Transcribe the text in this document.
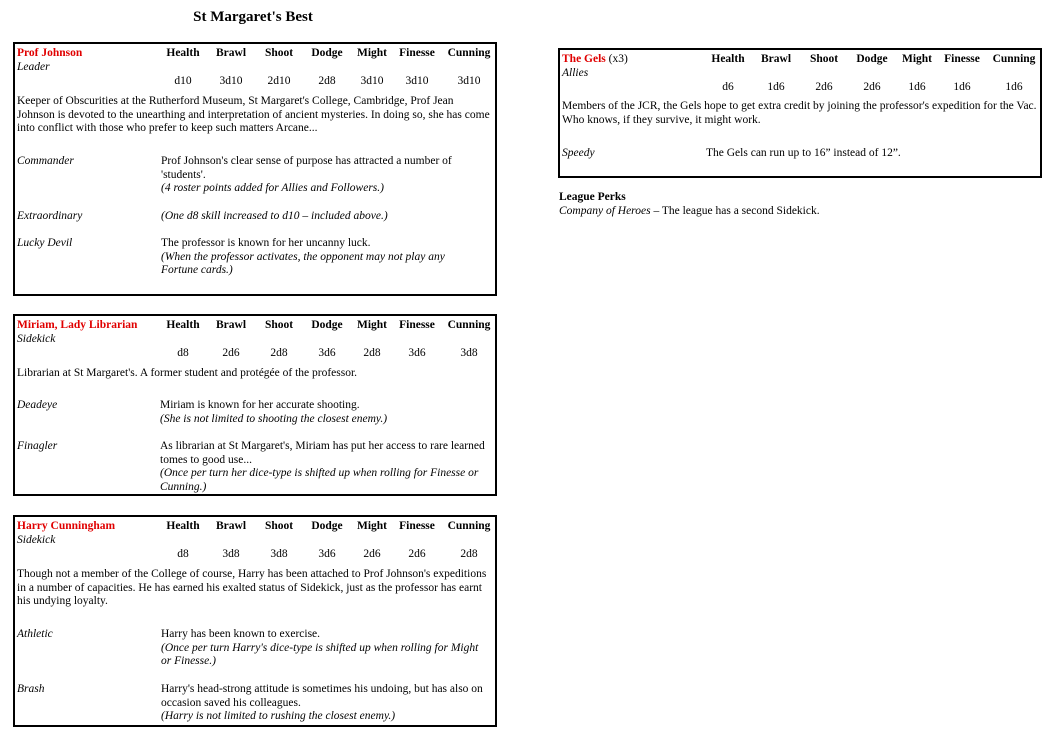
St Margaret's Best
Prof Johnson
Leader
Health	Brawl	Shoot	Dodge	Might	Finesse	Cunning
d10	3d10	2d10	2d8	3d10	3d10	3d10
Keeper of Obscurities at the Rutherford Museum, St Margaret's College, Cambridge, Prof Jean Johnson is devoted to the unearthing and interpretation of ancient mysteries. In doing so, she has come into conflict with those who prefer to keep such matters Arcane...
Commander	Prof Johnson's clear sense of purpose has attracted a number of 'students'.
(4 roster points added for Allies and Followers.)
Extraordinary	(One d8 skill increased to d10 – included above.)
Lucky Devil	The professor is known for her uncanny luck.
(When the professor activates, the opponent may not play any Fortune cards.)
Miriam, Lady Librarian
Sidekick
Health	Brawl	Shoot	Dodge	Might	Finesse	Cunning
d8	2d6	2d8	3d6	2d8	3d6	3d8
Librarian at St Margaret's. A former student and protégée of the professor.
Deadeye	Miriam is known for her accurate shooting.
(She is not limited to shooting the closest enemy.)
Finagler	As librarian at St Margaret's, Miriam has put her access to rare learned tomes to good use...
(Once per turn her dice-type is shifted up when rolling for Finesse or Cunning.)
Harry Cunningham
Sidekick
Health	Brawl	Shoot	Dodge	Might	Finesse	Cunning
d8	3d8	3d8	3d6	2d6	2d6	2d8
Though not a member of the College of course, Harry has been attached to Prof Johnson's expeditions in a number of capacities. He has earned his exalted status of Sidekick, just as the professor has earnt his undying loyalty.
Athletic	Harry has been known to exercise.
(Once per turn Harry's dice-type is shifted up when rolling for Might or Finesse.)
Brash	Harry's head-strong attitude is sometimes his undoing, but has also on occasion saved his colleagues.
(Harry is not limited to rushing the closest enemy.)
The Gels (x3)
Allies
Health	Brawl	Shoot	Dodge	Might	Finesse	Cunning
d6	1d6	2d6	2d6	1d6	1d6	1d6
Members of the JCR, the Gels hope to get extra credit by joining the professor's expedition for the Vac. Who knows, if they survive, it might work.
Speedy	The Gels can run up to 16” instead of 12”.
League Perks
Company of Heroes – The league has a second Sidekick.
